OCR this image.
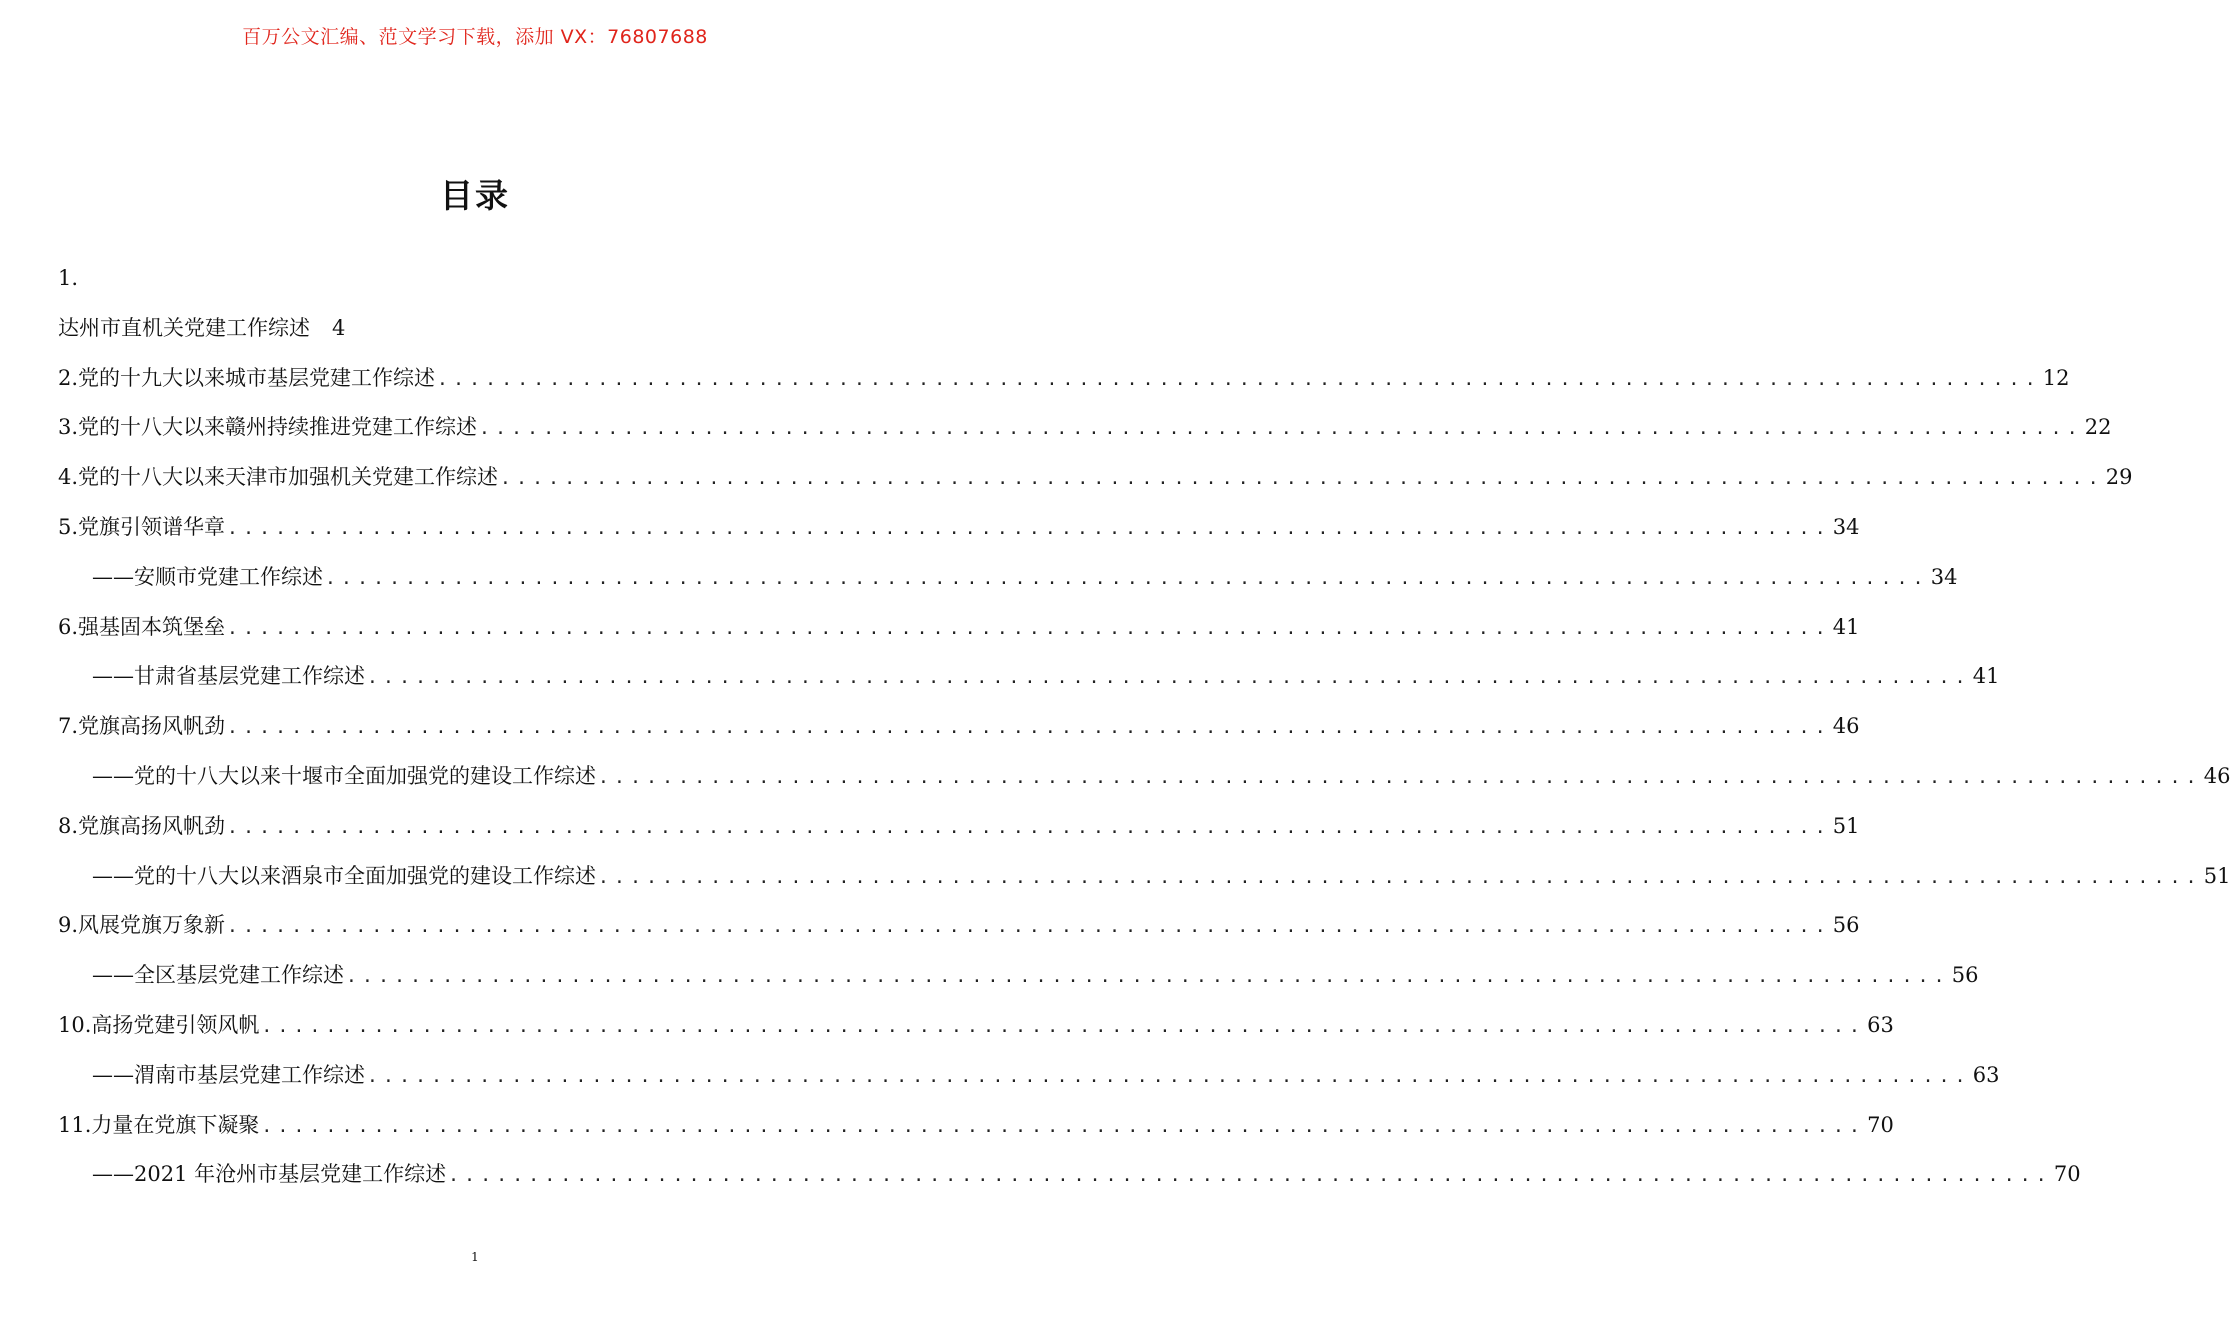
百万公文汇编、范文学习下载，添加 VX：76807688
目录
1.
达州市直机关党建工作综述 4
2.党的十九大以来城市基层党建工作综述 .................................................................................................... 12
3.党的十八大以来赣州持续推进党建工作综述 .................................................................................................... 22
4.党的十八大以来天津市加强机关党建工作综述 .................................................................................................... 29
5.党旗引领谱华章 .................................................................................................... 34
——安顺市党建工作综述 .................................................................................................... 34
6.强基固本筑堡垒 .................................................................................................... 41
——甘肃省基层党建工作综述 .................................................................................................... 41
7.党旗高扬风帆劲 .................................................................................................... 46
——党的十八大以来十堰市全面加强党的建设工作综述 .................................................................................................... 46
8.党旗高扬风帆劲 .................................................................................................... 51
——党的十八大以来酒泉市全面加强党的建设工作综述 .................................................................................................... 51
9.风展党旗万象新 .................................................................................................... 56
——全区基层党建工作综述 .................................................................................................... 56
10.高扬党建引领风帆 .................................................................................................... 63
——渭南市基层党建工作综述 .................................................................................................... 63
11.力量在党旗下凝聚 .................................................................................................... 70
——2021 年沧州市基层党建工作综述 .................................................................................................... 70
1
